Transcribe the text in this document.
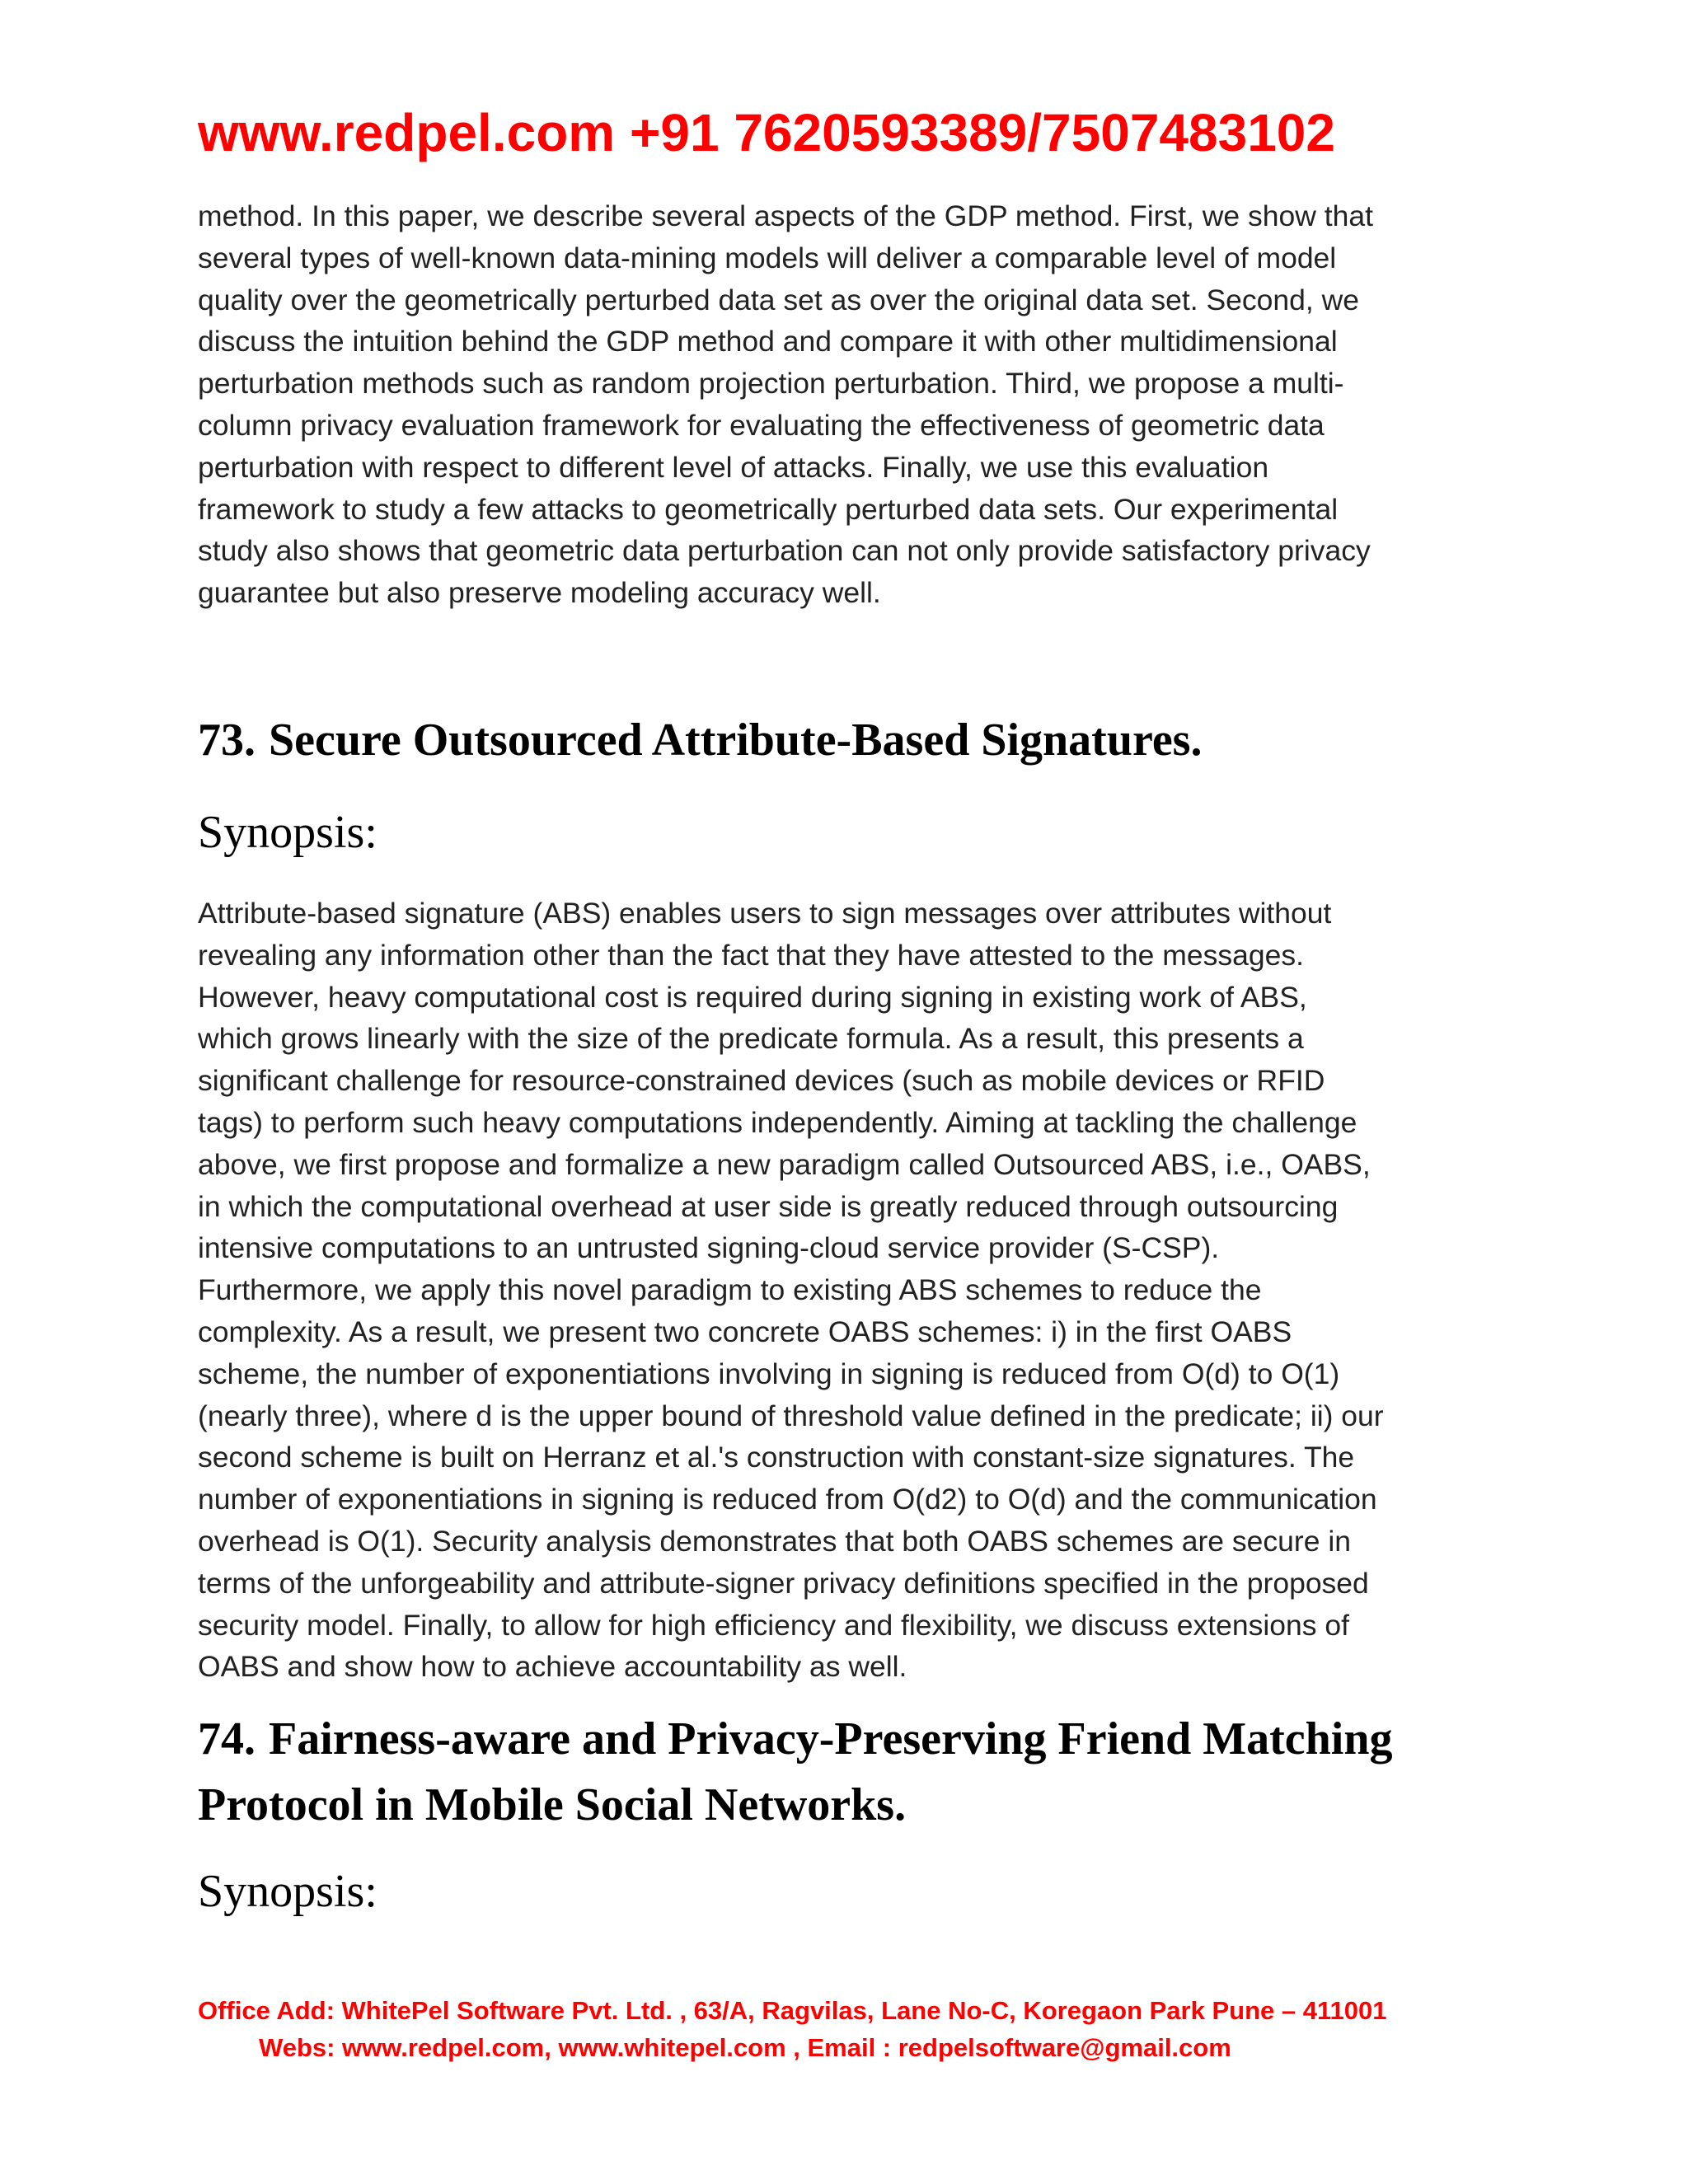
www.redpel.com +91 7620593389/7507483102

method. In this paper, we describe several aspects of the GDP method. First, we show that
several types of well-known data-mining models will deliver a comparable level of model
quality over the geometrically perturbed data set as over the original data set. Second, we
discuss the intuition behind the GDP method and compare it with other multidimensional
perturbation methods such as random projection perturbation. Third, we propose a multi-
column privacy evaluation framework for evaluating the effectiveness of geometric data
perturbation with respect to different level of attacks. Finally, we use this evaluation
framework to study a few attacks to geometrically perturbed data sets. Our experimental
study also shows that geometric data perturbation can not only provide satisfactory privacy
guarantee but also preserve modeling accuracy well.

73. Secure Outsourced Attribute-Based Signatures.
Synopsis:

Attribute-based signature (ABS) enables users to sign messages over attributes without
revealing any information other than the fact that they have attested to the messages.
However, heavy computational cost is required during signing in existing work of ABS,
which grows linearly with the size of the predicate formula. As a result, this presents a
significant challenge for resource-constrained devices (such as mobile devices or RFID
tags) to perform such heavy computations independently. Aiming at tackling the challenge
above, we first propose and formalize a new paradigm called Outsourced ABS, i.e., OABS,
in which the computational overhead at user side is greatly reduced through outsourcing
intensive computations to an untrusted signing-cloud service provider (S-CSP).
Furthermore, we apply this novel paradigm to existing ABS schemes to reduce the
complexity. As a result, we present two concrete OABS schemes: i) in the first OABS
scheme, the number of exponentiations involving in signing is reduced from O(d) to O(1)
(nearly three), where d is the upper bound of threshold value defined in the predicate; ii) our
second scheme is built on Herranz et al.'s construction with constant-size signatures. The
number of exponentiations in signing is reduced from O(d2) to O(d) and the communication
overhead is O(1). Security analysis demonstrates that both OABS schemes are secure in
terms of the unforgeability and attribute-signer privacy definitions specified in the proposed
security model. Finally, to allow for high efficiency and flexibility, we discuss extensions of
OABS and show how to achieve accountability as well.

74. Fairness-aware and Privacy-Preserving Friend Matching
Protocol in Mobile Social Networks.
Synopsis:
Office Add: WhitePel Software Pvt. Ltd. , 63/A, Ragvilas, Lane No-C, Koregaon Park Pune – 411001
Webs: www.redpel.com, www.whitepel.com , Email : redpelsoftware@gmail.com
